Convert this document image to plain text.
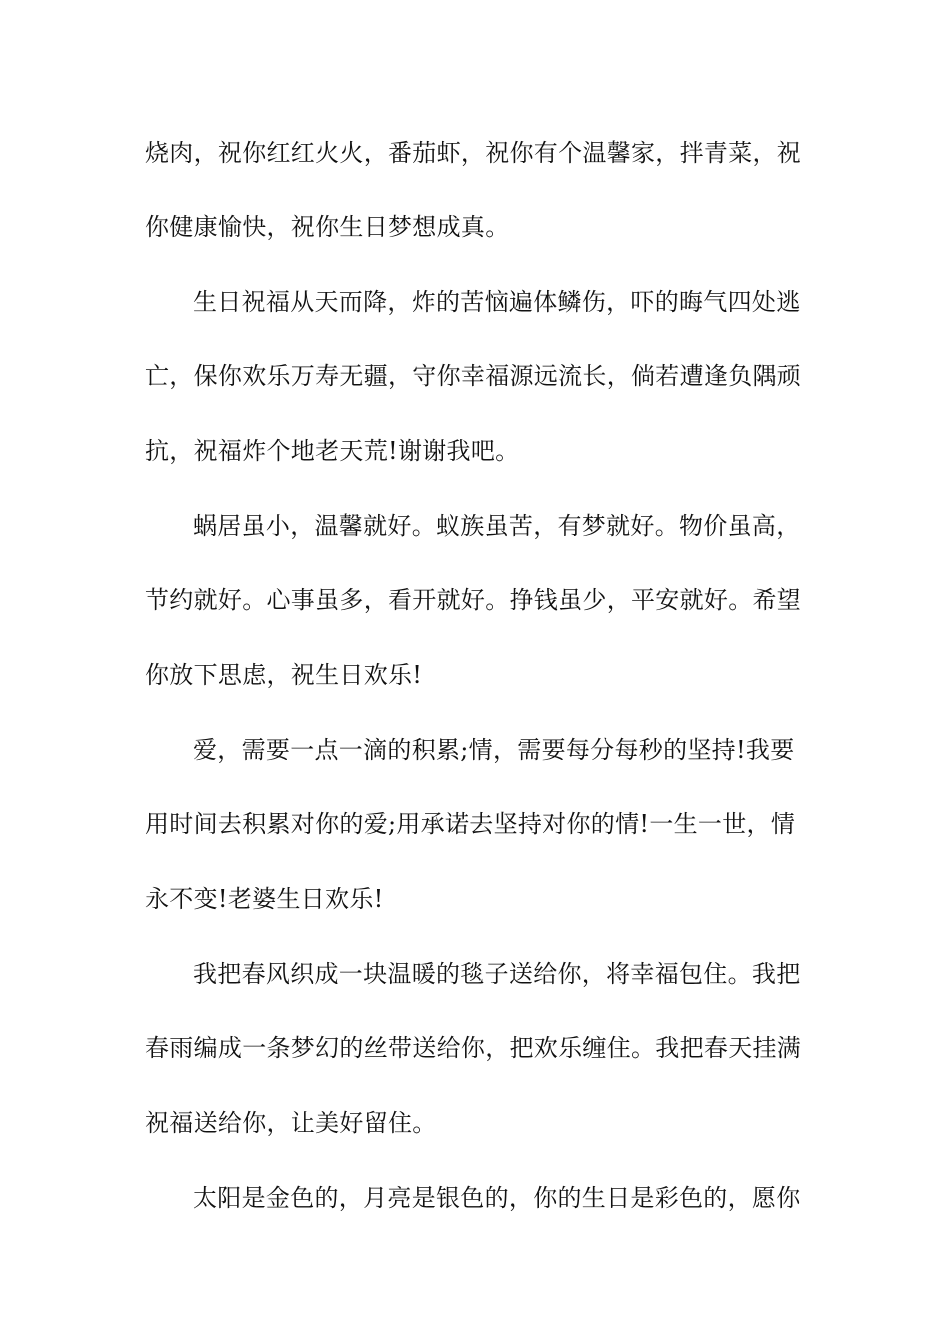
烧肉，祝你红红火火，番茄虾，祝你有个温馨家，拌青菜，祝
你健康愉快，祝你生日梦想成真。
生日祝福从天而降，炸的苦恼遍体鳞伤，吓的晦气四处逃
亡，保你欢乐万寿无疆，守你幸福源远流长，倘若遭逢负隅顽
抗，祝福炸个地老天荒!谢谢我吧。
蜗居虽小，温馨就好。蚁族虽苦，有梦就好。物价虽高，
节约就好。心事虽多，看开就好。挣钱虽少，平安就好。希望
你放下思虑，祝生日欢乐!
爱，需要一点一滴的积累;情，需要每分每秒的坚持!我要
用时间去积累对你的爱;用承诺去坚持对你的情!一生一世，情
永不变!老婆生日欢乐!
我把春风织成一块温暖的毯子送给你，将幸福包住。我把
春雨编成一条梦幻的丝带送给你，把欢乐缠住。我把春天挂满
祝福送给你，让美好留住。
太阳是金色的，月亮是银色的，你的生日是彩色的，愿你
